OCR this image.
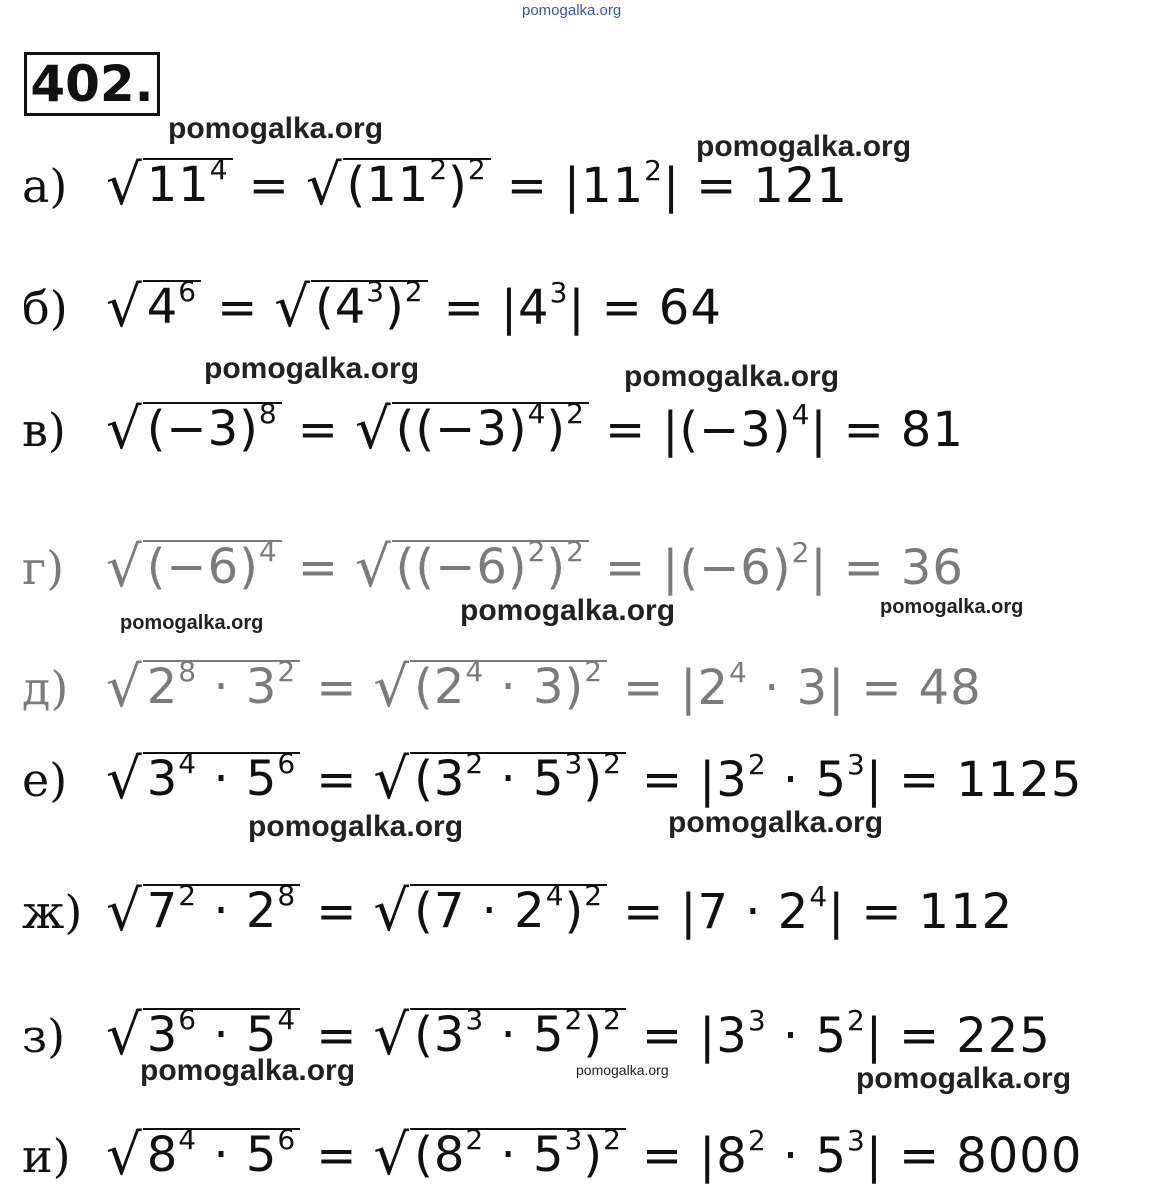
pomogalka.org
402.
pomogalka.org
pomogalka.org
pomogalka.org	pomogalka.org
pomogalka.org	pomogalka.org	pomogalka.org
pomogalka.org	pomogalka.org
pomogalka.org	pomogalka.org	pomogalka.org
а) √ $11^4$ = √ $(11^2)^2 = |11^2| = 121$
б) √ $4^6$ = √ $(4^3)^2 = |4^3| = 64$
в) √ $(-3)^8$ = √ $((-3)^4)^2 = |(-3)^4| = 81$
г) √ $(-6)^4$ = √ $((-6)^2)^2 = |(-6)^2| = 36$
д) √ $2^8 \cdot 3^2$ = √ $(2^4 \cdot 3)^2 = |2^4 \cdot 3| = 48$
е) √ $3^4 \cdot 5^6$ = √ $(3^2 \cdot 5^3)^2 = |3^2 \cdot 5^3| = 1125$
ж) √ $7^2 \cdot 2^8$ = √ $(7 \cdot 2^4)^2 = |7 \cdot 2^4| = 112$
з) √ $3^6 \cdot 5^4$ = √ $(3^3 \cdot 5^2)^2 = |3^3 \cdot 5^2| = 225$
и) √ $8^4 \cdot 5^6$ = √ $(8^2 \cdot 5^3)^2 = |8^2 \cdot 5^3| = 8000$
